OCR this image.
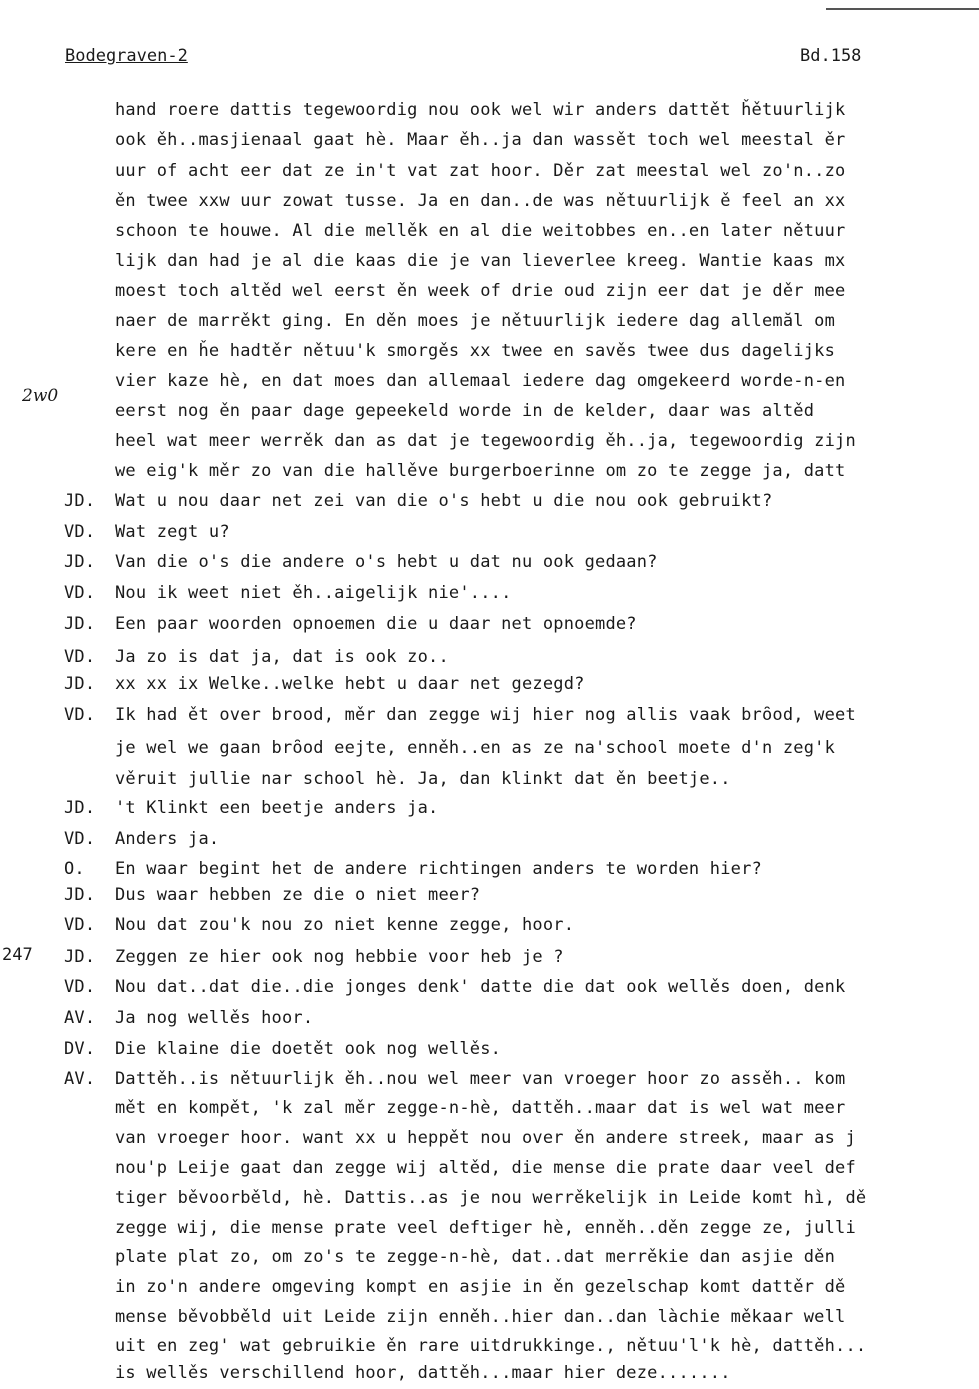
Bodegraven-2	Bd.158
2w0
247
hand roere dattis tegewoordig nou ook wel wir anders dattět ȟětuurlijk
ook ěh..masjienaal gaat hè. Maar ěh..ja dan wassět toch wel meestal ěr
uur of acht eer dat ze in't vat zat hoor. Děr zat meestal wel zo'n..zo
ěn twee xxw uur zowat tusse. Ja en dan..de was nětuurlijk ě feel an xx
schoon te houwe. Al die mellěk en al die weitobbes en..en later nětuur
lijk dan had je al die kaas die je van lieverlee kreeg. Wantie kaas mx
moest toch altěd wel eerst ěn week of drie oud zijn eer dat je děr mee
naer de marrěkt ging. En děn moes je nětuurlijk iedere dag allemăl om
kere en ȟe hadtěr nětuu'k smorgěs xx twee en savěs twee dus dagelijks
vier kaze hè, en dat moes dan allemaal iedere dag omgekeerd worde-n-en
eerst nog ěn paar dage gepeekeld worde in de kelder, daar was altěd
heel wat meer werrěk dan as dat je tegewoordig ěh..ja, tegewoordig zijn
we eig'k měr zo van die hallěve burgerboerinne om zo te zegge ja, datt
JD.	Wat u nou daar net zei van die o's hebt u die nou ook gebruikt?
VD.	Wat zegt u?
JD.	Van die o's die andere o's hebt u dat nu ook gedaan?
VD.	Nou ik weet niet ěh..aigelijk nie'....
JD.	Een paar woorden opnoemen die u daar net opnoemde?
VD.	Ja zo is dat ja, dat is ook zo..
JD.	xx xx ix Welke..welke hebt u daar net gezegd?
VD.	Ik had ět over brood, měr dan zegge wij hier nog allis vaak brȏod, weet
je wel we gaan brȏod eejte, enněh..en as ze na'school moete d'n zeg'k
věruit jullie nar school hè. Ja, dan klinkt dat ěn beetje..
JD.	't Klinkt een beetje anders ja.
VD.	Anders ja.
O.	En waar begint het de andere richtingen anders te worden hier?
JD.	Dus waar hebben ze die o niet meer?
VD.	Nou dat zou'k nou zo niet kenne zegge, hoor.
JD.	Zeggen ze hier ook nog hebbie voor heb je ?
VD.	Nou dat..dat die..die jonges denk' datte die dat ook wellěs doen, denk
AV.	Ja nog wellěs hoor.
DV.	Die klaine die doetět ook nog wellěs.
AV.	Dattěh..is nětuurlijk ěh..nou wel meer van vroeger hoor zo assěh.. kom
mět en kompět, 'k zal měr zegge-n-hè, dattěh..maar dat is wel wat meer
van vroeger hoor. want xx u heppět nou over ěn andere streek, maar as j
nou'p Leije gaat dan zegge wij altěd, die mense die prate daar veel def
tiger běvoorběld, hè. Dattis..as je nou werrěkelijk in Leide komt hì, dě
zegge wij, die mense prate veel deftiger hè, enněh..děn zegge ze, julli
plate plat zo, om zo's te zegge-n-hè, dat..dat merrěkie dan asjie děn
in zo'n andere omgeving kompt en asjie in ěn gezelschap komt dattěr dě
mense běvobběld uit Leide zijn enněh..hier dan..dan làchie měkaar well
uit en zeg' wat gebruikie ěn rare uitdrukkinge., nětuu'l'k hè, dattěh...
is wellěs verschillend hoor, dattěh...maar hier deze.......
